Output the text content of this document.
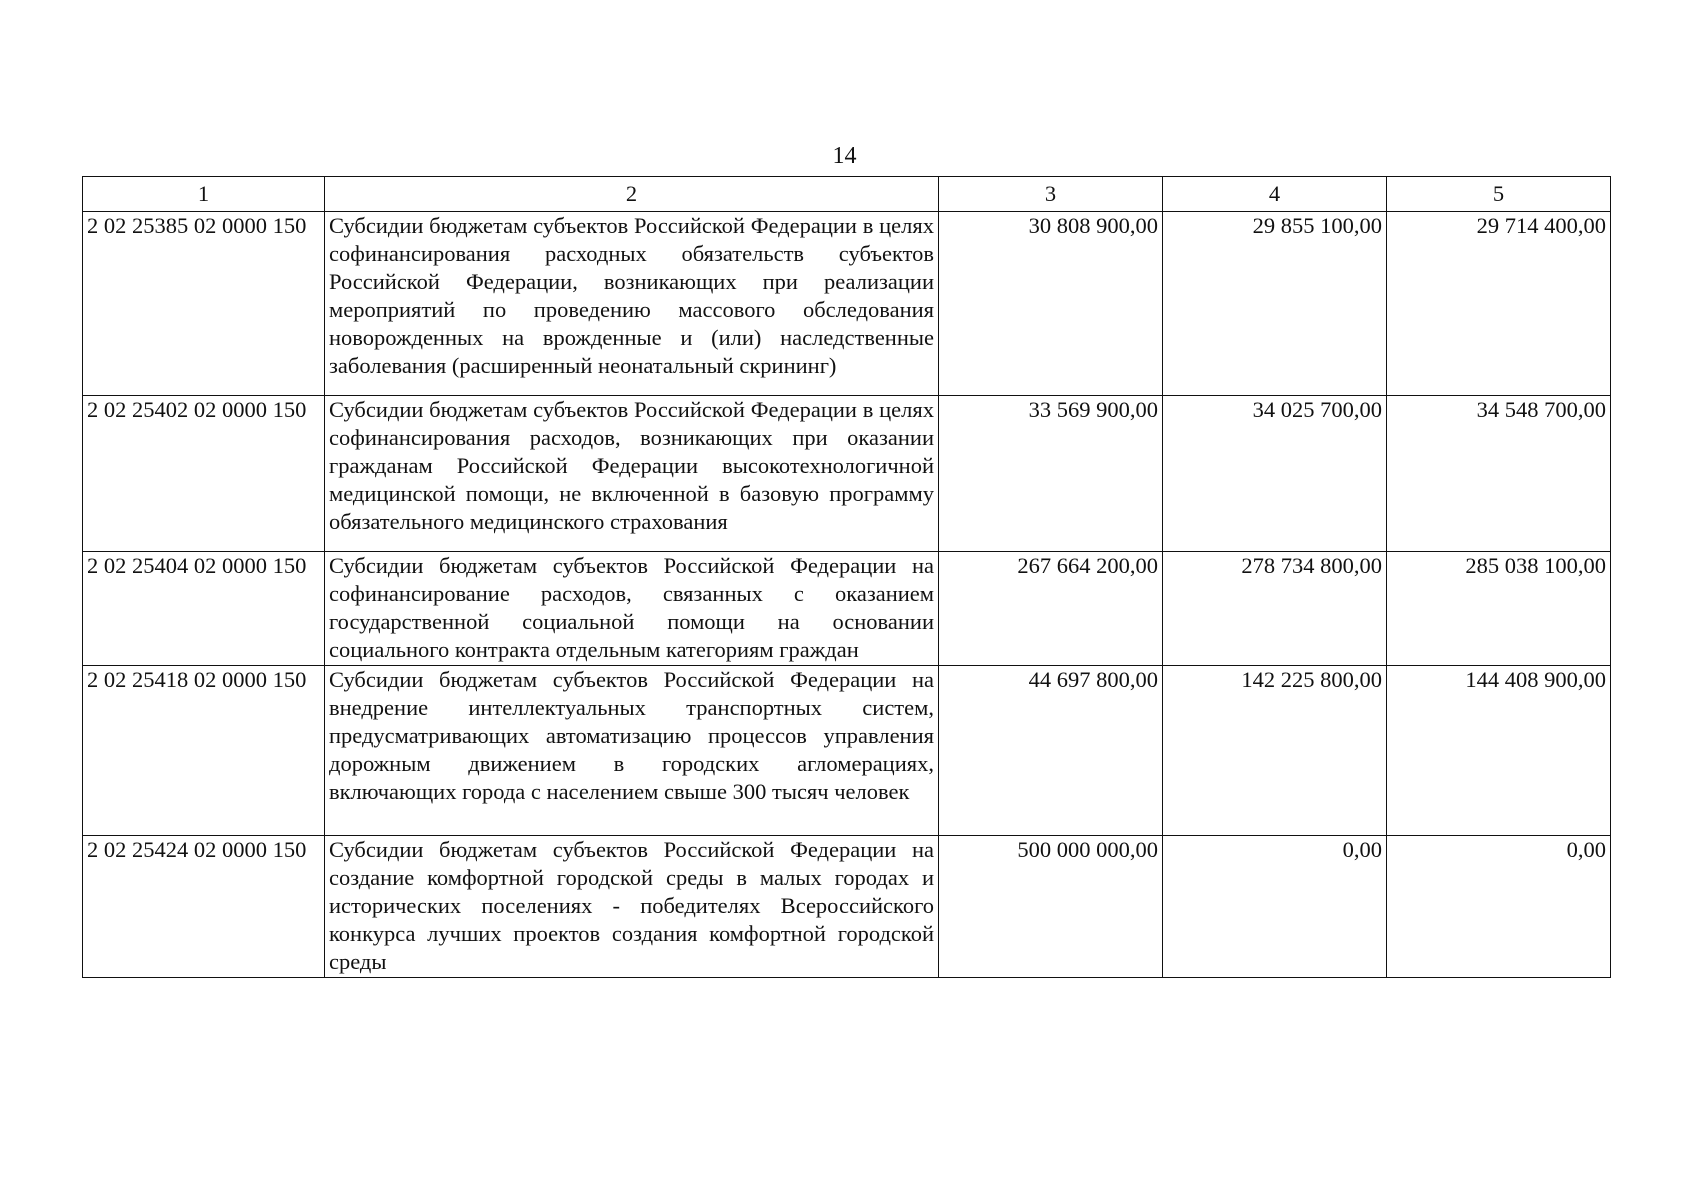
14
1	2	3	4	5
2 02 25385 02 0000 150	Субсидии бюджетам субъектов Российской Федерации в целях софинансирования расходных обязательств субъектов Российской Федерации, возникающих при реализации мероприятий по проведению массового обследования новорожденных на врожденные и (или) наследственные заболевания (расширенный неонатальный скрининг)	30 808 900,00	29 855 100,00	29 714 400,00
2 02 25402 02 0000 150	Субсидии бюджетам субъектов Российской Федерации в целях софинансирования расходов, возникающих при оказании гражданам Российской Федерации высокотехнологичной медицинской помощи, не включенной в базовую программу обязательного медицинского страхования	33 569 900,00	34 025 700,00	34 548 700,00
2 02 25404 02 0000 150	Субсидии бюджетам субъектов Российской Федерации на софинансирование расходов, связанных с оказанием государственной социальной помощи на основании социального контракта отдельным категориям граждан	267 664 200,00	278 734 800,00	285 038 100,00
2 02 25418 02 0000 150	Субсидии бюджетам субъектов Российской Федерации на внедрение интеллектуальных транспортных систем, предусматривающих автоматизацию процессов управления дорожным движением в городских агломерациях, включающих города с населением свыше 300 тысяч человек	44 697 800,00	142 225 800,00	144 408 900,00
2 02 25424 02 0000 150	Субсидии бюджетам субъектов Российской Федерации на создание комфортной городской среды в малых городах и исторических поселениях - победителях Всероссийского конкурса лучших проектов создания комфортной городской среды	500 000 000,00	0,00	0,00
